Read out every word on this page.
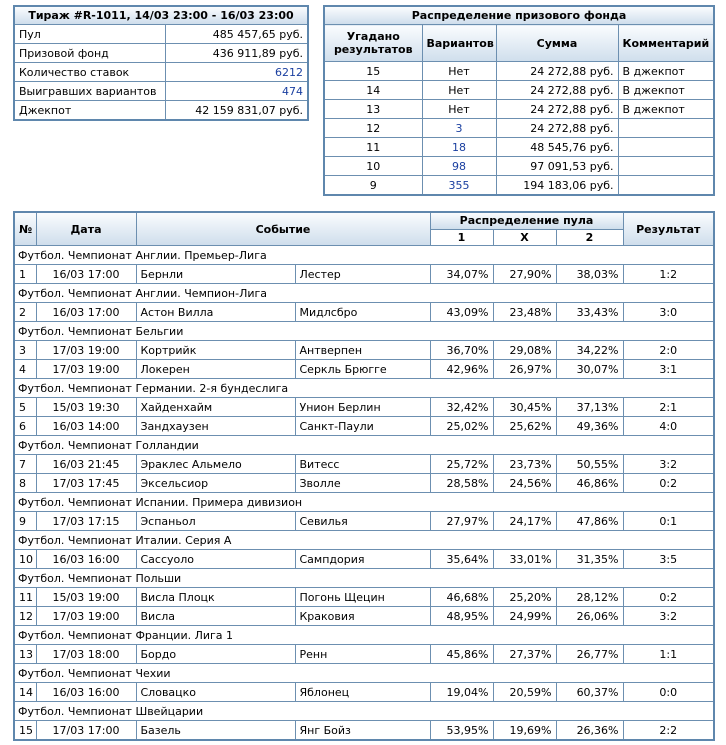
Тираж #R-1011, 14/03 23:00 - 16/03 23:00	
Пул	485 457,65 руб.
Призовой фонд	436 911,89 руб.
Количество ставок	6212
Выигравших вариантов	474
Джекпот	42 159 831,07 руб.
Распределение призового фонда			
Угадано результатов	Вариантов	Сумма	Комментарий
15	Нет	24 272,88 руб.	В джекпот
14	Нет	24 272,88 руб.	В джекпот
13	Нет	24 272,88 руб.	В джекпот
12	3	24 272,88 руб.	
11	18	48 545,76 руб.	
10	98	97 091,53 руб.	
9	355	194 183,06 руб.	
№	Дата	Событие		Распределение пула			Результат
				1	X	2	
Футбол. Чемпионат Англии. Премьер-Лига							
1	16/03 17:00	Бернли	Лестер	34,07%	27,90%	38,03%	1:2
Футбол. Чемпионат Англии. Чемпион-Лига							
2	16/03 17:00	Астон Вилла	Мидлсбро	43,09%	23,48%	33,43%	3:0
Футбол. Чемпионат Бельгии							
3	17/03 19:00	Кортрийк	Антверпен	36,70%	29,08%	34,22%	2:0
4	17/03 19:00	Локерен	Серкль Брюгге	42,96%	26,97%	30,07%	3:1
Футбол. Чемпионат Германии. 2-я бундеслига							
5	15/03 19:30	Хайденхайм	Унион Берлин	32,42%	30,45%	37,13%	2:1
6	16/03 14:00	Зандхаузен	Санкт-Паули	25,02%	25,62%	49,36%	4:0
Футбол. Чемпионат Голландии							
7	16/03 21:45	Эраклес Альмело	Витесс	25,72%	23,73%	50,55%	3:2
8	17/03 17:45	Эксельсиор	Зволле	28,58%	24,56%	46,86%	0:2
Футбол. Чемпионат Испании. Примера дивизион							
9	17/03 17:15	Эспаньол	Севилья	27,97%	24,17%	47,86%	0:1
Футбол. Чемпионат Италии. Серия А							
10	16/03 16:00	Сассуоло	Сампдория	35,64%	33,01%	31,35%	3:5
Футбол. Чемпионат Польши							
11	15/03 19:00	Висла Плоцк	Погонь Щецин	46,68%	25,20%	28,12%	0:2
12	17/03 19:00	Висла	Краковия	48,95%	24,99%	26,06%	3:2
Футбол. Чемпионат Франции. Лига 1							
13	17/03 18:00	Бордо	Ренн	45,86%	27,37%	26,77%	1:1
Футбол. Чемпионат Чехии							
14	16/03 16:00	Словацко	Яблонец	19,04%	20,59%	60,37%	0:0
Футбол. Чемпионат Швейцарии							
15	17/03 17:00	Базель	Янг Бойз	53,95%	19,69%	26,36%	2:2
